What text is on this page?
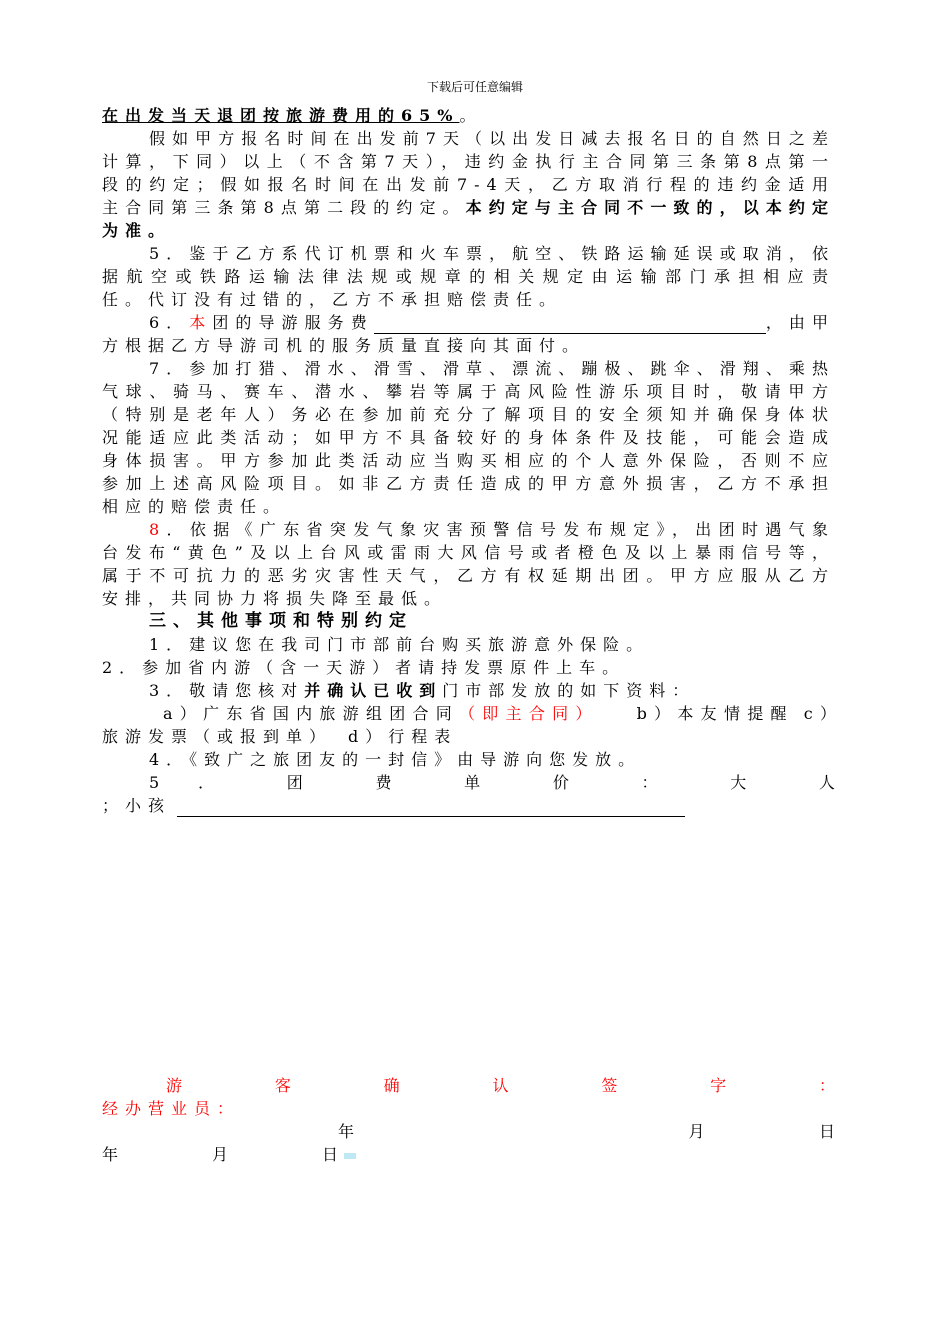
下载后可任意编辑

在出发当天退团按旅游费用的65%。

假如甲方报名时间在出发前7天（以出发日减去报名日的自然日之差计算，下同）以上（不含第7天），违约金执行主合同第三条第8点第一段的约定；假如报名时间在出发前7-4天，乙方取消行程的违约金适用主合同第三条第8点第二段的约定。本约定与主合同不一致的，以本约定为准。

5．鉴于乙方系代订机票和火车票，航空、铁路运输延误或取消，依据航空或铁路运输法律法规或规章的相关规定由运输部门承担相应责任。代订没有过错的，乙方不承担赔偿责任。

6．本团的导游服务费	，由甲方根据乙方导游司机的服务质量直接向其面付。

7．参加打猎、滑水、滑雪、滑草、漂流、蹦极、跳伞、滑翔、乘热气球、骑马、赛车、潜水、攀岩等属于高风险性游乐项目时，敬请甲方（特别是老年人）务必在参加前充分了解项目的安全须知并确保身体状况能适应此类活动；如甲方不具备较好的身体条件及技能，可能会造成身体损害。甲方参加此类活动应当购买相应的个人意外保险，否则不应参加上述高风险项目。如非乙方责任造成的甲方意外损害，乙方不承担相应的赔偿责任。

8．依据《广东省突发气象灾害预警信号发布规定》，出团时遇气象台发布“黄色”及以上台风或雷雨大风信号或者橙色及以上暴雨信号等，属于不可抗力的恶劣灾害性天气，乙方有权延期出团。甲方应服从乙方安排，共同协力将损失降至最低。

三、其他事项和特别约定

1．建议您在我司门市部前台购买旅游意外保险。

2．参加省内游（含一天游）者请持发票原件上车。

3．敬请您核对并确认已收到门市部发放的如下资料：

a）广东省国内旅游组团合同（即主合同） b）本友情提醒 c）旅游发票（或报到单） d）行程表

4．《致广之旅团友的一封信》由导游向您发放。

5 ． 团 费 单 价 ： 大 人

；小孩

游	客	确	认	签	字	：
经办营业员：
年	月	日
年	月	日
